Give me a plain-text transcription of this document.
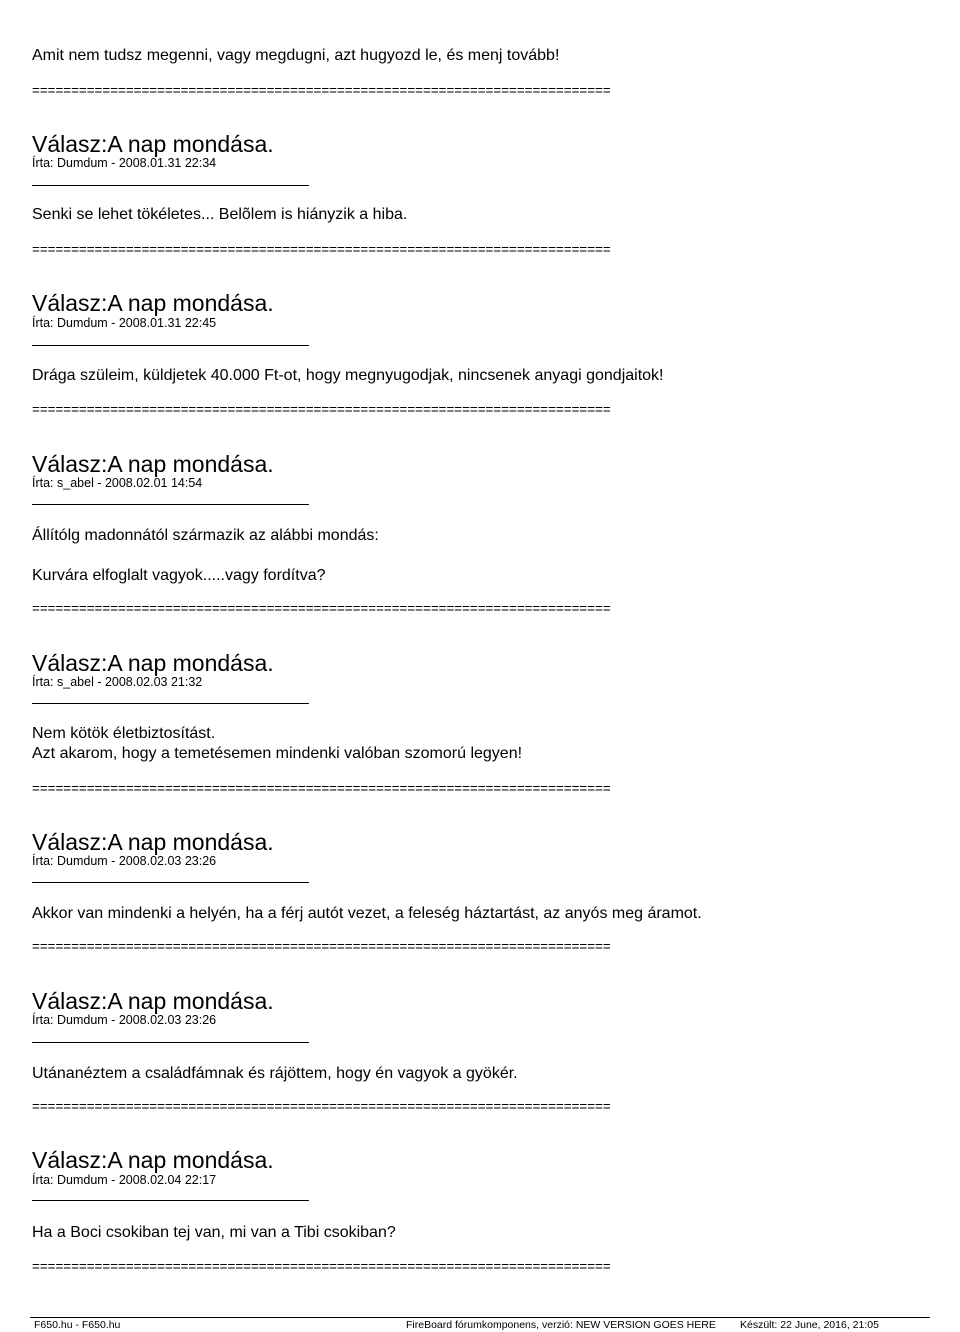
Amit nem tudsz megenni, vagy megdugni, azt hugyozd le, és menj tovább!
==========================================================================
Válasz:A nap mondása.
Írta: Dumdum - 2008.01.31 22:34
Senki se lehet tökéletes... Belõlem is hiányzik a hiba.
==========================================================================
Válasz:A nap mondása.
Írta: Dumdum - 2008.01.31 22:45
Drága szüleim, küldjetek 40.000 Ft-ot, hogy megnyugodjak, nincsenek anyagi gondjaitok!
==========================================================================
Válasz:A nap mondása.
Írta: s_abel - 2008.02.01 14:54
Állítólg madonnától származik az alábbi mondás:
Kurvára elfoglalt vagyok.....vagy fordítva?
==========================================================================
Válasz:A nap mondása.
Írta: s_abel - 2008.02.03 21:32
Nem kötök életbiztosítást.
Azt akarom, hogy a temetésemen mindenki valóban szomorú legyen!
==========================================================================
Válasz:A nap mondása.
Írta: Dumdum - 2008.02.03 23:26
Akkor van mindenki a helyén, ha a férj autót vezet, a feleség háztartást, az anyós meg áramot.
==========================================================================
Válasz:A nap mondása.
Írta: Dumdum - 2008.02.03 23:26
Utánanéztem a családfámnak és rájöttem, hogy én vagyok a gyökér.
==========================================================================
Válasz:A nap mondása.
Írta: Dumdum - 2008.02.04 22:17
Ha a Boci csokiban tej van, mi van a Tibi csokiban?
==========================================================================
F650.hu - F650.hu	FireBoard fórumkomponens, verzió: NEW VERSION GOES HERE Készült: 22 June, 2016, 21:05
